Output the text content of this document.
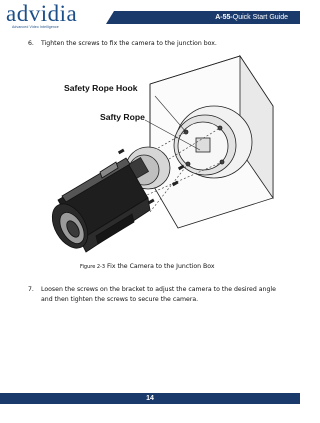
advidia
Advanced Video Intelligence
A-55-Quick Start Guide
6. Tighten the screws to fix the camera to the junction box.
Safety Rope Hook
Safty Rope
Figure 2-3 Fix the Camera to the Junction Box
7. Loosen the screws on the bracket to adjust the camera to the desired angle and then tighten the screws to secure the camera.
14
